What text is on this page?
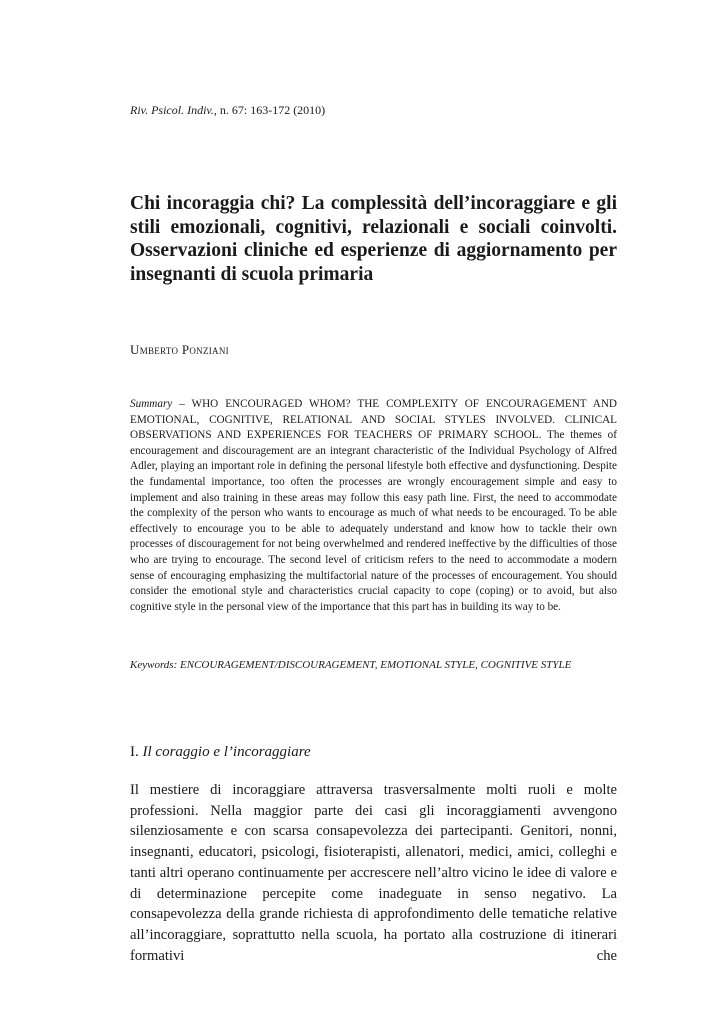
Riv. Psicol. Indiv., n. 67: 163-172 (2010)
Chi incoraggia chi? La complessità dell’incoraggiare e gli stili emozionali, cognitivi, relazionali e sociali coinvolti. Osservazioni cliniche ed esperienze di aggiornamento per insegnanti di scuola primaria
Umberto Ponziani

Summary – WHO ENCOURAGED WHOM? THE COMPLEXITY OF ENCOURAGEMENT AND EMOTIONAL, COGNITIVE, RELATIONAL AND SOCIAL STYLES INVOLVED. CLINICAL OBSERVATIONS AND EXPERIENCES FOR TEACHERS OF PRIMARY SCHOOL. The themes of encouragement and discouragement are an integrant characteristic of the Individual Psychology of Alfred Adler, playing an important role in defining the personal lifestyle both effective and dysfunctioning. Despite the fundamental importance, too often the processes are wrongly encouragement simple and easy to implement and also training in these areas may follow this easy path line. First, the need to accommodate the complexity of the person who wants to encourage as much of what needs to be encouraged. To be able effectively to encourage you to be able to adequately understand and know how to tackle their own processes of discouragement for not being overwhelmed and rendered ineffective by the difficulties of those who are trying to encourage. The second level of criticism refers to the need to accommodate a modern sense of encouraging emphasizing the multifactorial nature of the processes of encouragement. You should consider the emotional style and characteristics crucial capacity to cope (coping) or to avoid, but also cognitive style in the personal view of the importance that this part has in building its way to be.

Keywords: ENCOURAGEMENT/DISCOURAGEMENT, EMOTIONAL STYLE, COGNITIVE STYLE
I. Il coraggio e l’incoraggiare

Il mestiere di incoraggiare attraversa trasversalmente molti ruoli e molte professioni. Nella maggior parte dei casi gli incoraggiamenti avvengono silenziosamente e con scarsa consapevolezza dei partecipanti. Genitori, nonni, insegnanti, educatori, psicologi, fisioterapisti, allenatori, medici, amici, colleghi e tanti altri operano continuamente per accrescere nell’altro vicino le idee di valore e di determinazione percepite come inadeguate in senso negativo. La consapevolezza della grande richiesta di approfondimento delle tematiche relative all’incoraggiare, soprattutto nella scuola, ha portato alla costruzione di itinerari formativi che
